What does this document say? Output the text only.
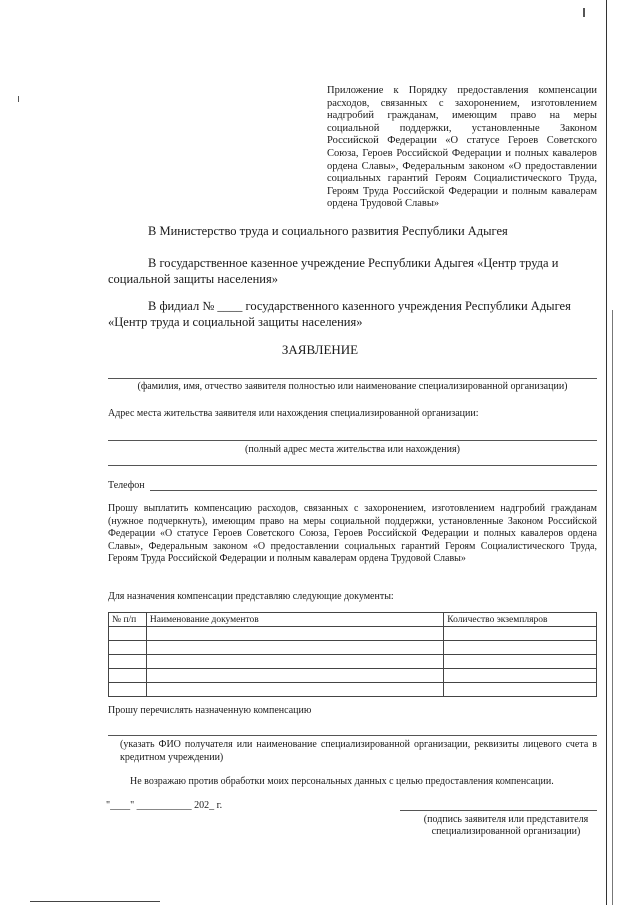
Приложение к Порядку предоставления компенсации расходов, связанных с захоронением, изготовлением надгробий гражданам, имеющим право на меры социальной поддержки, установленные Законом Российской Федерации «О статусе Героев Советского Союза, Героев Российской Федерации и полных кавалеров ордена Славы», Федеральным законом «О предоставлении социальных гарантий Героям Социалистического Труда, Героям Труда Российской Федерации и полным кавалерам ордена Трудовой Славы»
В Министерство труда и социального развития Республики Адыгея
В государственное казенное учреждение Республики Адыгея «Центр труда и социальной защиты населения»
В фидиал № ____ государственного казенного учреждения Республики Адыгея «Центр труда и социальной защиты населения»
ЗАЯВЛЕНИЕ
(фамилия, имя, отчество заявителя полностью или наименование специализированной организации)
Адрес места жительства заявителя или нахождения специализированной организации:
(полный адрес места жительства или нахождения)
Телефон
Прошу выплатить компенсацию расходов, связанных с захоронением, изготовлением надгробий гражданам (нужное подчеркнуть), имеющим право на меры социальной поддержки, установленные Законом Российской Федерации «О статусе Героев Советского Союза, Героев Российской Федерации и полных кавалеров ордена Славы», Федеральным законом «О предоставлении социальных гарантий Героям Социалистического Труда, Героям Труда Российской Федерации и полным кавалерам ордена Трудовой Славы»
Для назначения компенсации представляю следующие документы:
№ п/п	Наименование документов	Количество экземпляров

Прошу перечислять назначенную компенсацию
(указать ФИО получателя или наименование специализированной организации, реквизиты лицевого счета в кредитном учреждении)
Не возражаю против обработки моих персональных данных с целью предоставления компенсации.
"____" ___________ 202_ г.
(подпись заявителя или представителя специализированной организации)
